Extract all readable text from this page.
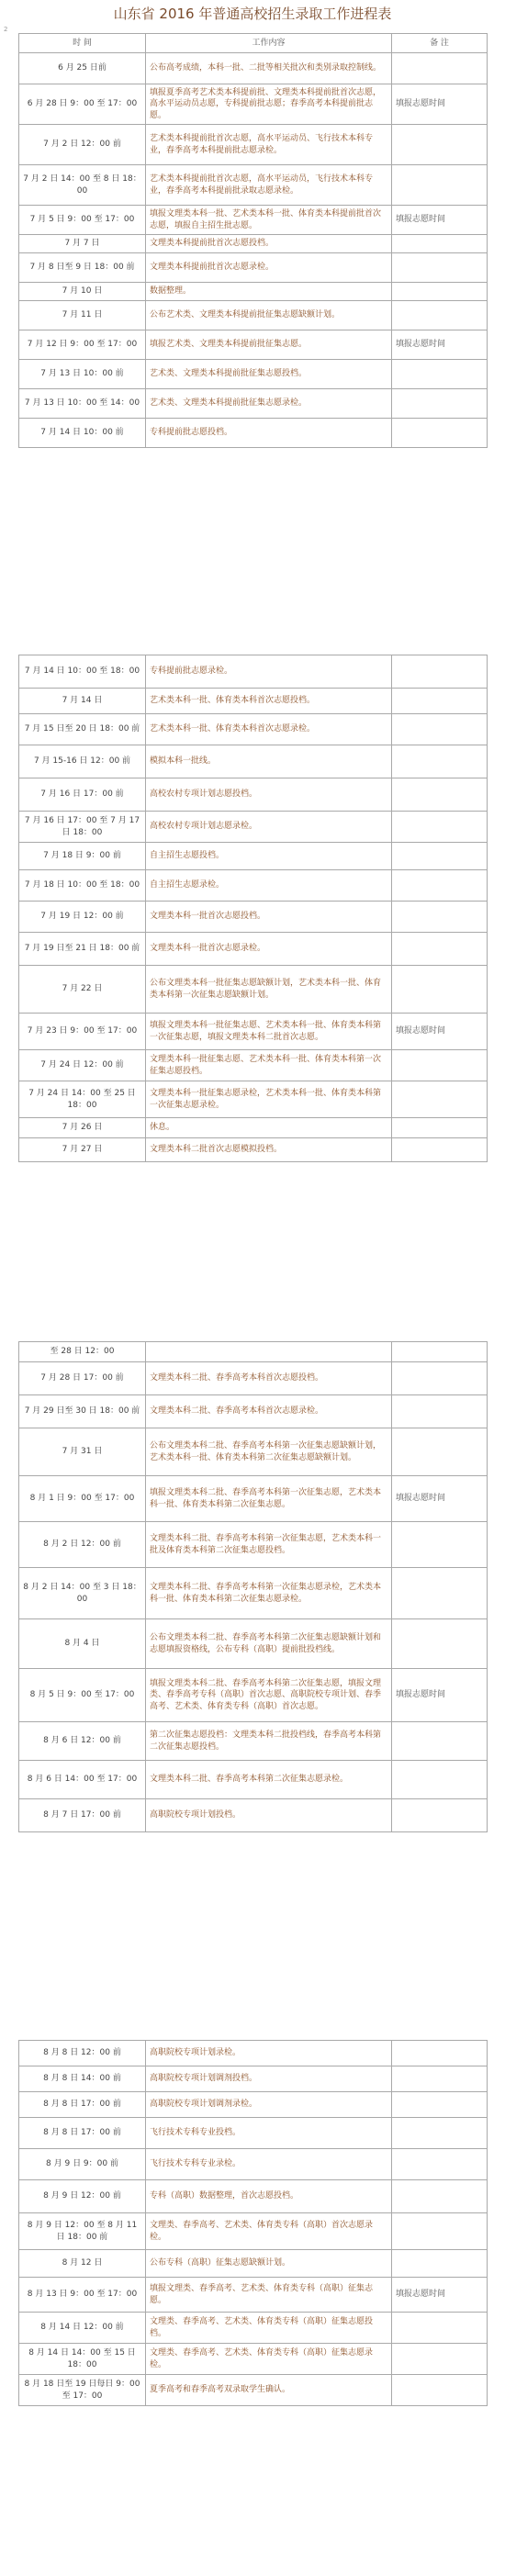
山东省 2016 年普通高校招生录取工作进程表
2
时 间	工作内容	备 注
6 月 25 日前	公布高考成绩，本科一批、二批等相关批次和类别录取控制线。	
6 月 28 日 9：00 至 17：00	填报夏季高考艺术类本科提前批、文理类本科提前批首次志愿，高水平运动员志愿，专科提前批志愿；春季高考本科提前批志愿。	填报志愿时间
7 月 2 日 12：00 前	艺术类本科提前批首次志愿，高水平运动员、飞行技术本科专业，春季高考本科提前批志愿录检。	
7 月 2 日 14：00 至 8 日 18：00	艺术类本科提前批首次志愿，高水平运动员，飞行技术本科专业，春季高考本科提前批录取志愿录检。	
7 月 5 日 9：00 至 17：00	填报文理类本科一批、艺术类本科一批、体育类本科提前批首次志愿，填报自主招生批志愿。	填报志愿时间
7 月 7 日	文理类本科提前批首次志愿投档。	
7 月 8 日至 9 日 18：00 前	文理类本科提前批首次志愿录检。	
7 月 10 日	数据整理。	
7 月 11 日	公布艺术类、文理类本科提前批征集志愿缺额计划。	
7 月 12 日 9：00 至 17：00	填报艺术类、文理类本科提前批征集志愿。	填报志愿时间
7 月 13 日 10：00 前	艺术类、文理类本科提前批征集志愿投档。	
7 月 13 日 10：00 至 14：00	艺术类、文理类本科提前批征集志愿录检。	
7 月 14 日 10：00 前	专科提前批志愿投档。	
7 月 14 日 10：00 至 18：00	专科提前批志愿录检。	
7 月 14 日	艺术类本科一批、体育类本科首次志愿投档。	
7 月 15 日至 20 日 18：00 前	艺术类本科一批、体育类本科首次志愿录检。	
7 月 15-16 日 12：00 前	模拟本科一批线。	
7 月 16 日 17：00 前	高校农村专项计划志愿投档。	
7 月 16 日 17：00 至 7 月 17 日 18：00	高校农村专项计划志愿录检。	
7 月 18 日 9：00 前	自主招生志愿投档。	
7 月 18 日 10：00 至 18：00	自主招生志愿录检。	
7 月 19 日 12：00 前	文理类本科一批首次志愿投档。	
7 月 19 日至 21 日 18：00 前	文理类本科一批首次志愿录检。	
7 月 22 日	公布文理类本科一批征集志愿缺额计划，艺术类本科一批、体育类本科第一次征集志愿缺额计划。	
7 月 23 日 9：00 至 17：00	填报文理类本科一批征集志愿、艺术类本科一批、体育类本科第一次征集志愿，填报文理类本科二批首次志愿。	填报志愿时间
7 月 24 日 12：00 前	文理类本科一批征集志愿、艺术类本科一批、体育类本科第一次征集志愿投档。	
7 月 24 日 14：00 至 25 日 18：00	文理类本科一批征集志愿录检，艺术类本科一批、体育类本科第一次征集志愿录检。	
7 月 26 日	休息。	
7 月 27 日	文理类本科二批首次志愿模拟投档。	
至 28 日 12：00		
7 月 28 日 17：00 前	文理类本科二批、春季高考本科首次志愿投档。	
7 月 29 日至 30 日 18：00 前	文理类本科二批、春季高考本科首次志愿录检。	
7 月 31 日	公布文理类本科二批、春季高考本科第一次征集志愿缺额计划，艺术类本科一批、体育类本科第二次征集志愿缺额计划。	
8 月 1 日 9：00 至 17：00	填报文理类本科二批、春季高考本科第一次征集志愿，艺术类本科一批、体育类本科第二次征集志愿。	填报志愿时间
8 月 2 日 12：00 前	文理类本科二批、春季高考本科第一次征集志愿，艺术类本科一批及体育类本科第二次征集志愿投档。	
8 月 2 日 14：00 至 3 日 18：00	文理类本科二批、春季高考本科第一次征集志愿录检，艺术类本科一批、体育类本科第二次征集志愿录检。	
8 月 4 日	公布文理类本科二批、春季高考本科第二次征集志愿缺额计划和志愿填报资格线，公布专科（高职）提前批投档线。	
8 月 5 日 9：00 至 17：00	填报文理类本科二批、春季高考本科第二次征集志愿，填报文理类、春季高考专科（高职）首次志愿、高职院校专项计划、春季高考、艺术类、体育类专科（高职）首次志愿。	填报志愿时间
8 月 6 日 12：00 前	第二次征集志愿投档：文理类本科二批投档线，春季高考本科第二次征集志愿投档。	
8 月 6 日 14：00 至 17：00	文理类本科二批、春季高考本科第二次征集志愿录检。	
8 月 7 日 17：00 前	高职院校专项计划投档。	
8 月 8 日 12：00 前	高职院校专项计划录检。	
8 月 8 日 14：00 前	高职院校专项计划调剂投档。	
8 月 8 日 17：00 前	高职院校专项计划调剂录检。	
8 月 8 日 17：00 前	飞行技术专科专业投档。	
8 月 9 日 9：00 前	飞行技术专科专业录检。	
8 月 9 日 12：00 前	专科（高职）数据整理，首次志愿投档。	
8 月 9 日 12：00 至 8 月 11 日 18：00 前	文理类、春季高考、艺术类、体育类专科（高职）首次志愿录检。	
8 月 12 日	公布专科（高职）征集志愿缺额计划。	
8 月 13 日 9：00 至 17：00	填报文理类、春季高考、艺术类、体育类专科（高职）征集志愿。	填报志愿时间
8 月 14 日 12：00 前	文理类、春季高考、艺术类、体育类专科（高职）征集志愿投档。	
8 月 14 日 14：00 至 15 日 18：00	文理类、春季高考、艺术类、体育类专科（高职）征集志愿录检。	
8 月 18 日至 19 日每日 9：00 至 17：00	夏季高考和春季高考双录取学生确认。	
